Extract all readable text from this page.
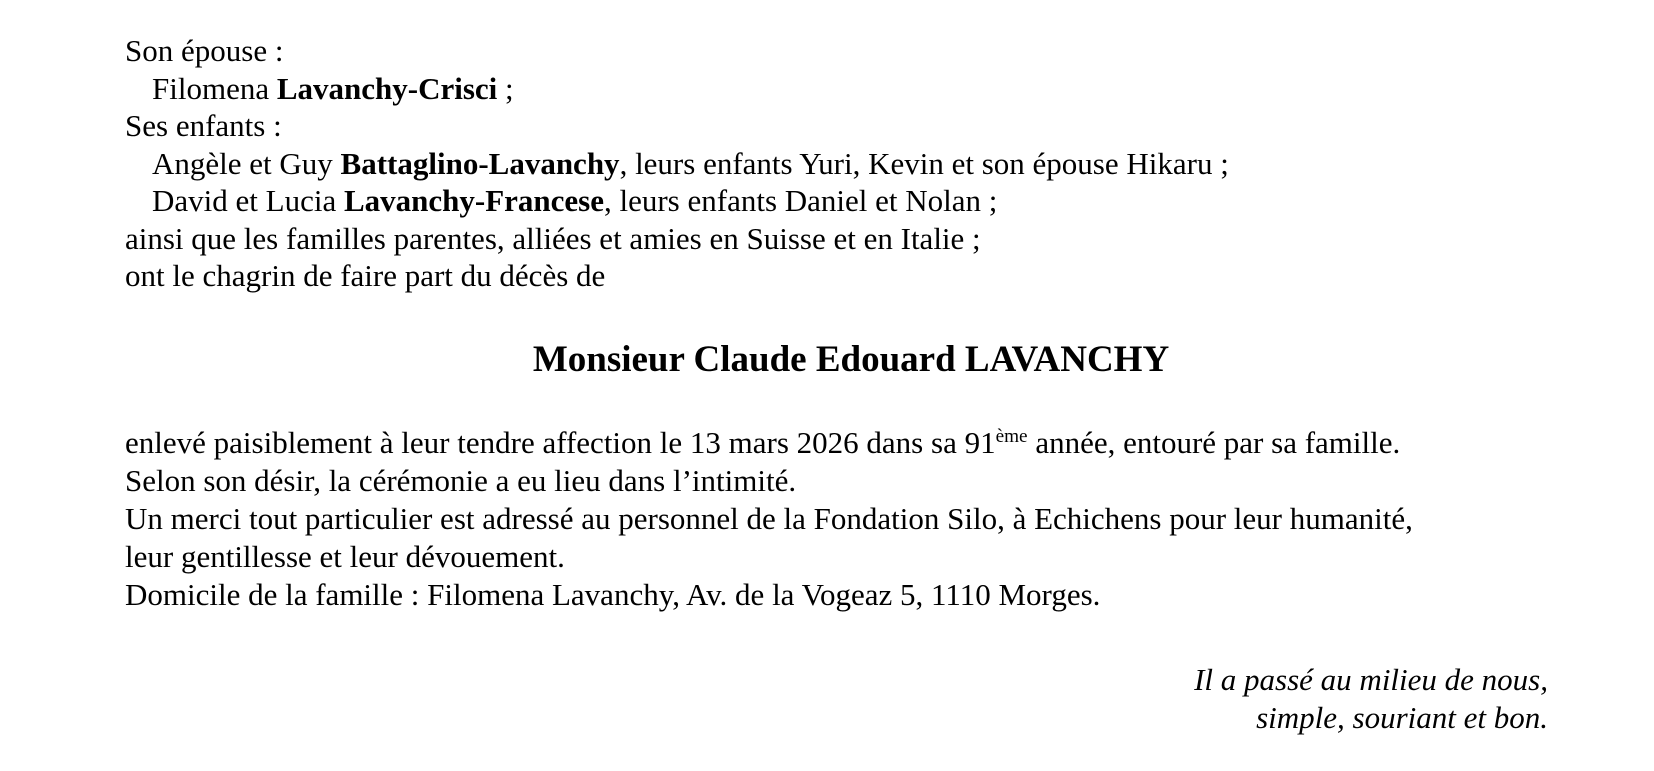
Son épouse :

Filomena Lavanchy-Crisci ;

Ses enfants :

Angèle et Guy Battaglino-Lavanchy, leurs enfants Yuri, Kevin et son épouse Hikaru ;

David et Lucia Lavanchy-Francese, leurs enfants Daniel et Nolan ;

ainsi que les familles parentes, alliées et amies en Suisse et en Italie ;

ont le chagrin de faire part du décès de

Monsieur Claude Edouard LAVANCHY

enlevé paisiblement à leur tendre affection le 13 mars 2026 dans sa 91ème année, entouré par sa famille.

Selon son désir, la cérémonie a eu lieu dans l’intimité.

Un merci tout particulier est adressé au personnel de la Fondation Silo, à Echichens pour leur humanité,

leur gentillesse et leur dévouement.

Domicile de la famille : Filomena Lavanchy, Av. de la Vogeaz 5, 1110 Morges.

Il a passé au milieu de nous,

simple, souriant et bon.
